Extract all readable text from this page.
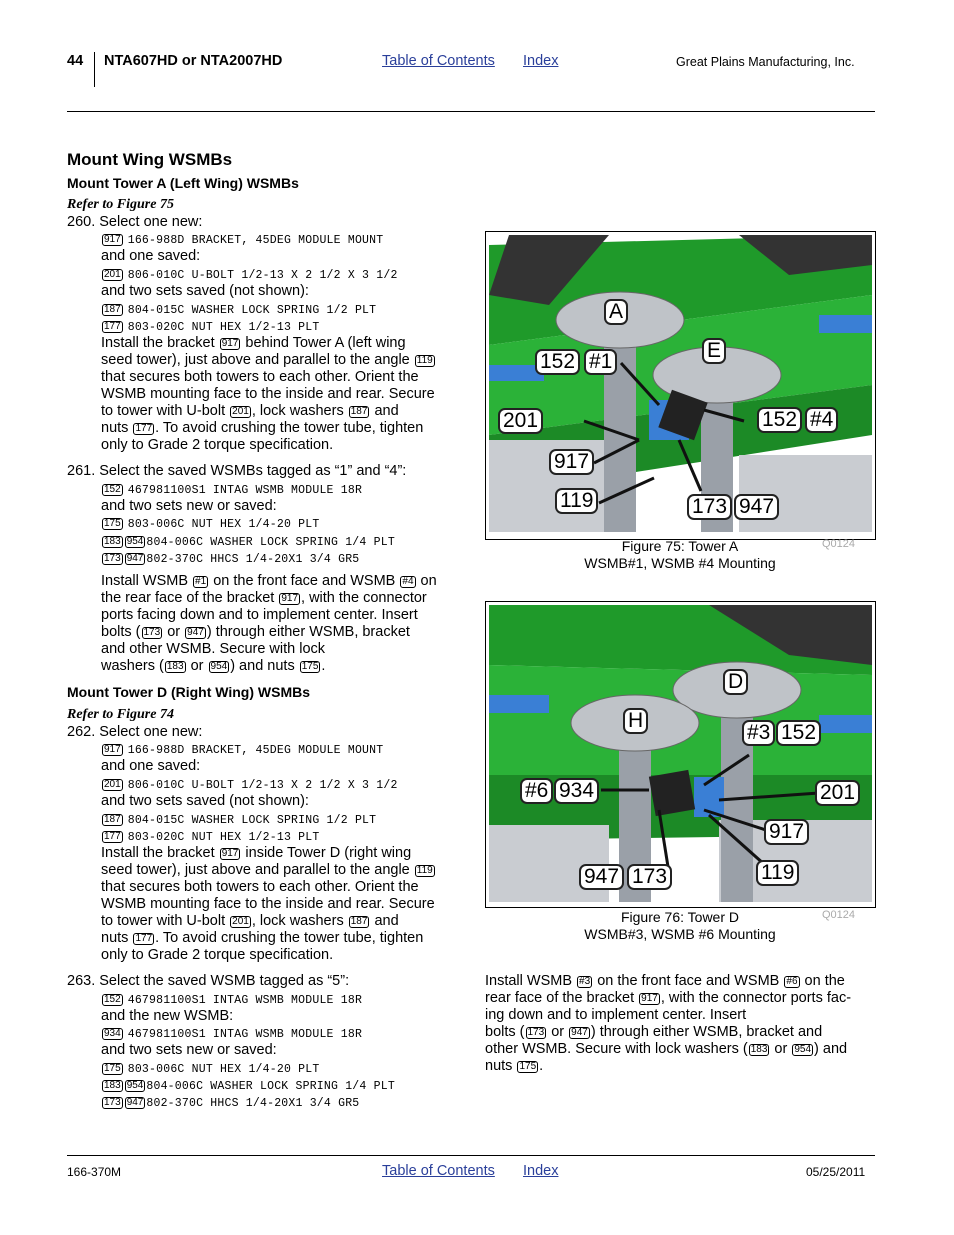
44 NTA607HD or NTA2007HD	Table of Contents Index	Great Plains Manufacturing, Inc.
Mount Wing WSMBs
Mount Tower A (Left Wing) WSMBs
Refer to Figure 75
260. Select one new:
917 166-988D BRACKET, 45DEG MODULE MOUNT
and one saved:
201 806-010C U-BOLT 1/2-13 X 2 1/2 X 3 1/2
and two sets saved (not shown):
187 804-015C WASHER LOCK SPRING 1/2 PLT
177 803-020C NUT HEX 1/2-13 PLT
Install the bracket 917 behind Tower A (left wing
seed tower), just above and parallel to the angle 119
that secures both towers to each other. Orient the
WSMB mounting face to the inside and rear. Secure
to tower with U-bolt 201 , lock washers 187 and
nuts 177 . To avoid crushing the tower tube, tighten
only to Grade 2 torque specification.
261. Select the saved WSMBs tagged as “1” and “4”:
152 467981100S1 INTAG WSMB MODULE 18R
and two sets new or saved:
175 803-006C NUT HEX 1/4-20 PLT
183 954 804-006C WASHER LOCK SPRING 1/4 PLT
173 947 802-370C HHCS 1/4-20X1 3/4 GR5
Install WSMB #1 on the front face and WSMB #4 on
the rear face of the bracket 917 , with the connector
ports facing down and to implement center. Insert
bolts ( 173 or 947 ) through either WSMB, bracket
and other WSMB. Secure with lock
washers ( 183 or 954 ) and nuts 175 .
Mount Tower D (Right Wing) WSMBs
Refer to Figure 74
262. Select one new:
917 166-988D BRACKET, 45DEG MODULE MOUNT
and one saved:
201 806-010C U-BOLT 1/2-13 X 2 1/2 X 3 1/2
and two sets saved (not shown):
187 804-015C WASHER LOCK SPRING 1/2 PLT
177 803-020C NUT HEX 1/2-13 PLT
Install the bracket 917 inside Tower D (right wing
seed tower), just above and parallel to the angle 119
that secures both towers to each other. Orient the
WSMB mounting face to the inside and rear. Secure
to tower with U-bolt 201 , lock washers 187 and
nuts 177 . To avoid crushing the tower tube, tighten
only to Grade 2 torque specification.
263. Select the saved WSMB tagged as “5”:
152 467981100S1 INTAG WSMB MODULE 18R
and the new WSMB:
934 467981100S1 INTAG WSMB MODULE 18R
and two sets new or saved:
175 803-006C NUT HEX 1/4-20 PLT
183 954 804-006C WASHER LOCK SPRING 1/4 PLT
173 947 802-370C HHCS 1/4-20X1 3/4 GR5
A
E
152 #1
201	152 #4
917
119	173 947
Figure 75: Tower A
WSMB#1, WSMB #4 Mounting
Q0124
D
H
#3 152
#6 934	201
917
947 173	119
Figure 76: Tower D
WSMB#3, WSMB #6 Mounting
Q0124
Install WSMB #3 on the front face and WSMB #6 on the
rear face of the bracket 917 , with the connector ports fac-
ing down and to implement center. Insert
bolts ( 173 or 947 ) through either WSMB, bracket and
other WSMB. Secure with lock washers ( 183 or 954 ) and
nuts 175 .
166-370M	Table of Contents Index	05/25/2011
